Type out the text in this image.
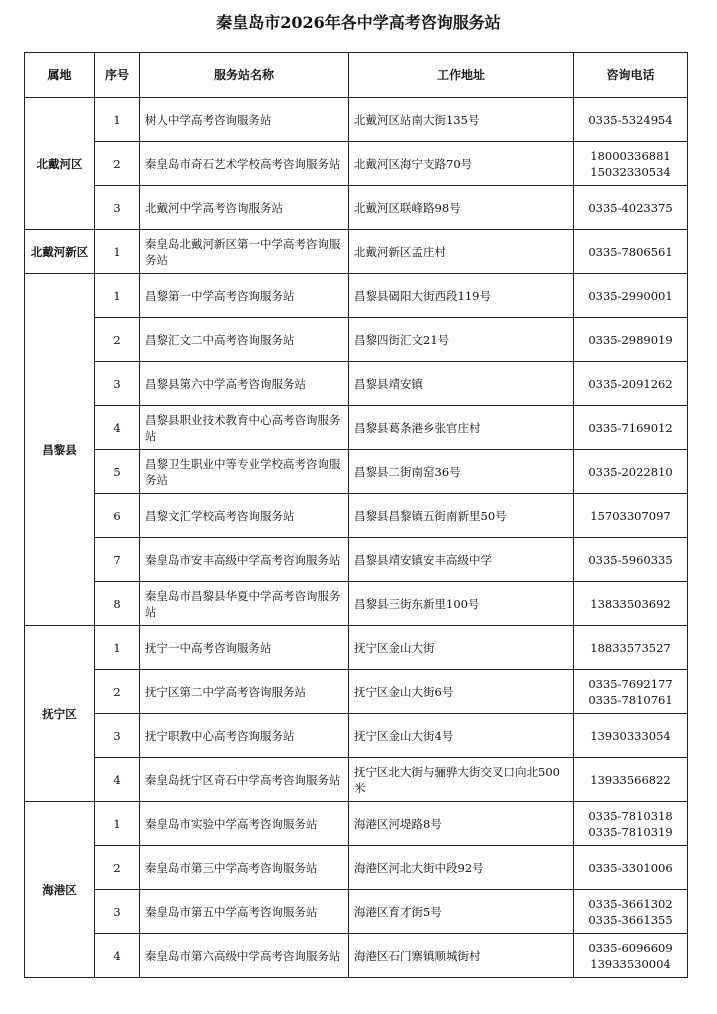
秦皇岛市2026年各中学高考咨询服务站
属地	序号	服务站名称	工作地址	咨询电话
北戴河区	1	树人中学高考咨询服务站	北戴河区站南大街135号	0335-5324954

	2	秦皇岛市奇石艺术学校高考咨询服务站	北戴河区海宁支路70号	18000336881
15032330534

	3	北戴河中学高考咨询服务站	北戴河区联峰路98号	0335-4023375

北戴河新区	1	秦皇岛北戴河新区第一中学高考咨询服务站	北戴河新区孟庄村	0335-7806561

昌黎县	1	昌黎第一中学高考咨询服务站	昌黎县碣阳大街西段119号	0335-2990001

	2	昌黎汇文二中高考咨询服务站	昌黎四街汇文21号	0335-2989019

	3	昌黎县第六中学高考咨询服务站	昌黎县靖安镇	0335-2091262

	4	昌黎县职业技术教育中心高考咨询服务站	昌黎县葛条港乡张官庄村	0335-7169012

	5	昌黎卫生职业中等专业学校高考咨询服务站	昌黎县二街南窑36号	0335-2022810

	6	昌黎文汇学校高考咨询服务站	昌黎县昌黎镇五街南新里50号	15703307097

	7	秦皇岛市安丰高级中学高考咨询服务站	昌黎县靖安镇安丰高级中学	0335-5960335

	8	秦皇岛市昌黎县华夏中学高考咨询服务站	昌黎县三街东新里100号	13833503692

抚宁区	1	抚宁一中高考咨询服务站	抚宁区金山大街	18833573527

	2	抚宁区第二中学高考咨询服务站	抚宁区金山大街6号	0335-7692177
0335-7810761

	3	抚宁职教中心高考咨询服务站	抚宁区金山大街4号	13930333054

	4	秦皇岛抚宁区奇石中学高考咨询服务站	抚宁区北大街与骊骅大街交叉口向北500米	13933566822

海港区	1	秦皇岛市实验中学高考咨询服务站	海港区河堤路8号	0335-7810318
0335-7810319

	2	秦皇岛市第三中学高考咨询服务站	海港区河北大街中段92号	0335-3301006

	3	秦皇岛市第五中学高考咨询服务站	海港区育才街5号	0335-3661302
0335-3661355

	4	秦皇岛市第六高级中学高考咨询服务站	海港区石门寨镇顺城街村	0335-6096609
13933530004
